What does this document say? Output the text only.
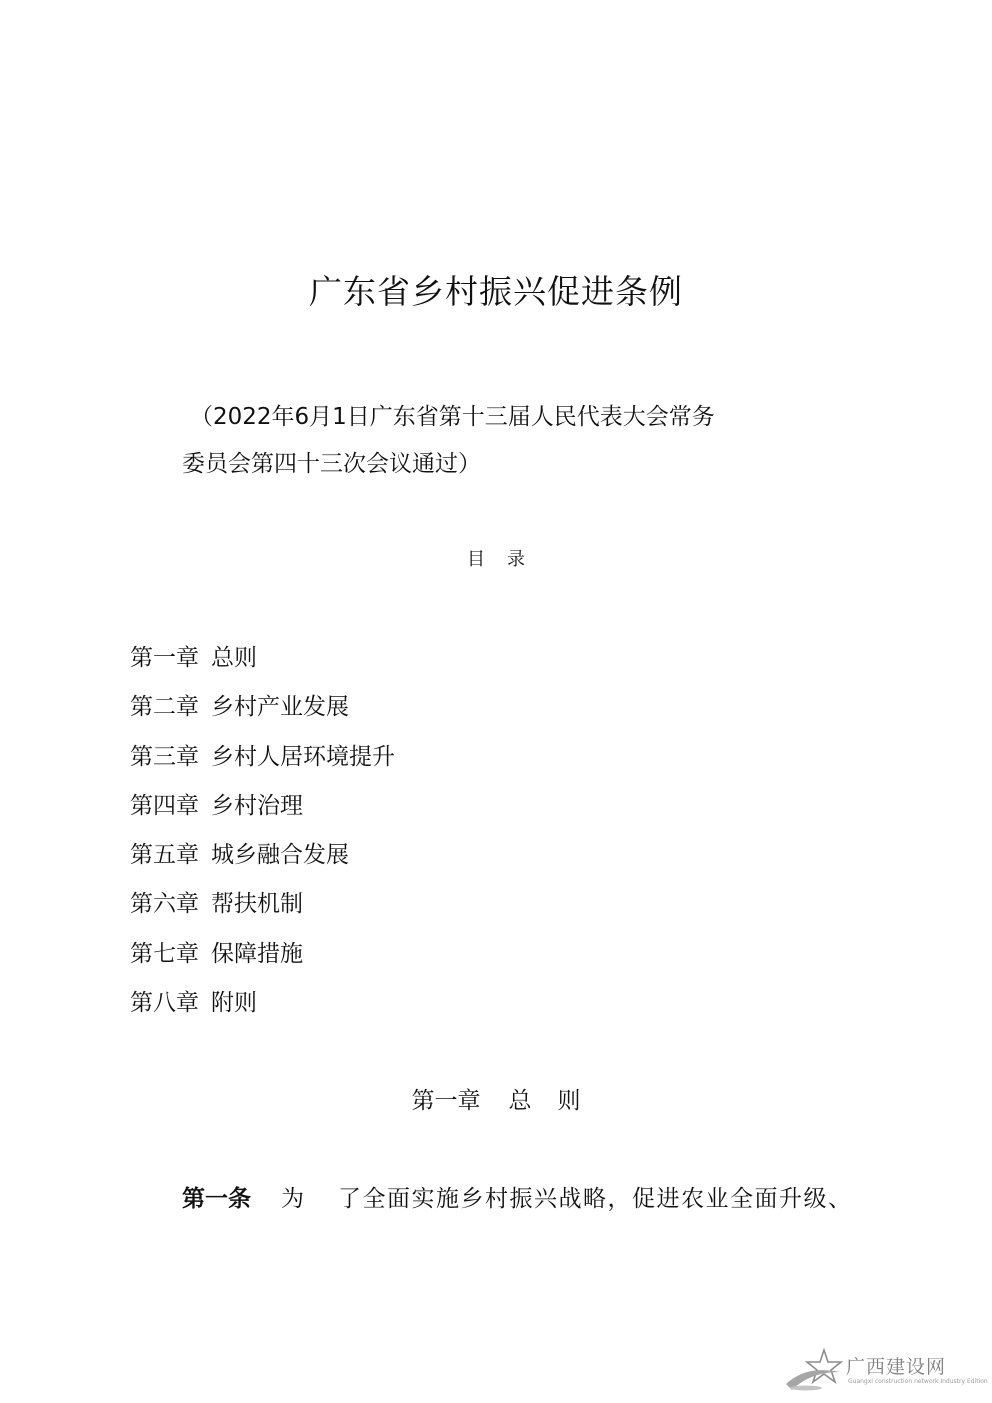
广东省乡村振兴促进条例
（2022年6月1日广东省第十三届人民代表大会常务
委员会第四十三次会议通过）
目 录
第一章 总则
第二章 乡村产业发展
第三章 乡村人居环境提升
第四章 乡村治理
第五章 城乡融合发展
第六章 帮扶机制
第七章 保障措施
第八章 附则
第一章 总 则
第一条 为 了全面实施乡村振兴战略，促进农业全面升级、
广西建设网
Guangxi construction network Industry Edition
